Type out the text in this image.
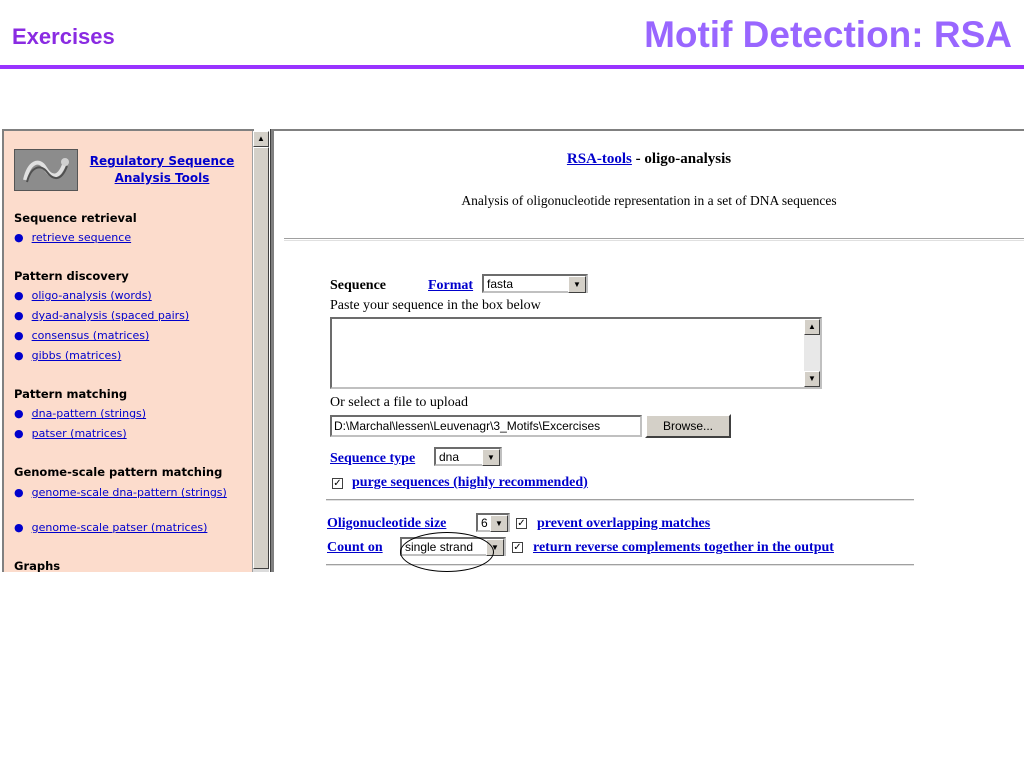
Exercises	Motif Detection: RSA
Regulatory Sequence
Analysis Tools
Sequence retrieval
● retrieve sequence
Pattern discovery
● oligo-analysis (words)
● dyad-analysis (spaced pairs)
● consensus (matrices)
● gibbs (matrices)
Pattern matching
● dna-pattern (strings)
● patser (matrices)
Genome-scale pattern matching
● genome-scale dna-pattern (strings)
● genome-scale patser (matrices)
Graphs
▲
RSA-tools - oligo-analysis
Analysis of oligonucleotide representation in a set of DNA sequences
Sequence	Format	fasta	▼
Paste your sequence in the box below
▲
▼
Or select a file to upload
D:\Marchal\lessen\Leuvenagr\3_Motifs\Excercises	Browse...
Sequence type	dna	▼
✓ purge sequences (highly recommended)
Oligonucleotide size	6 ▼	✓ prevent overlapping matches
Count on	single strand	▼	✓ return reverse complements together in the output
